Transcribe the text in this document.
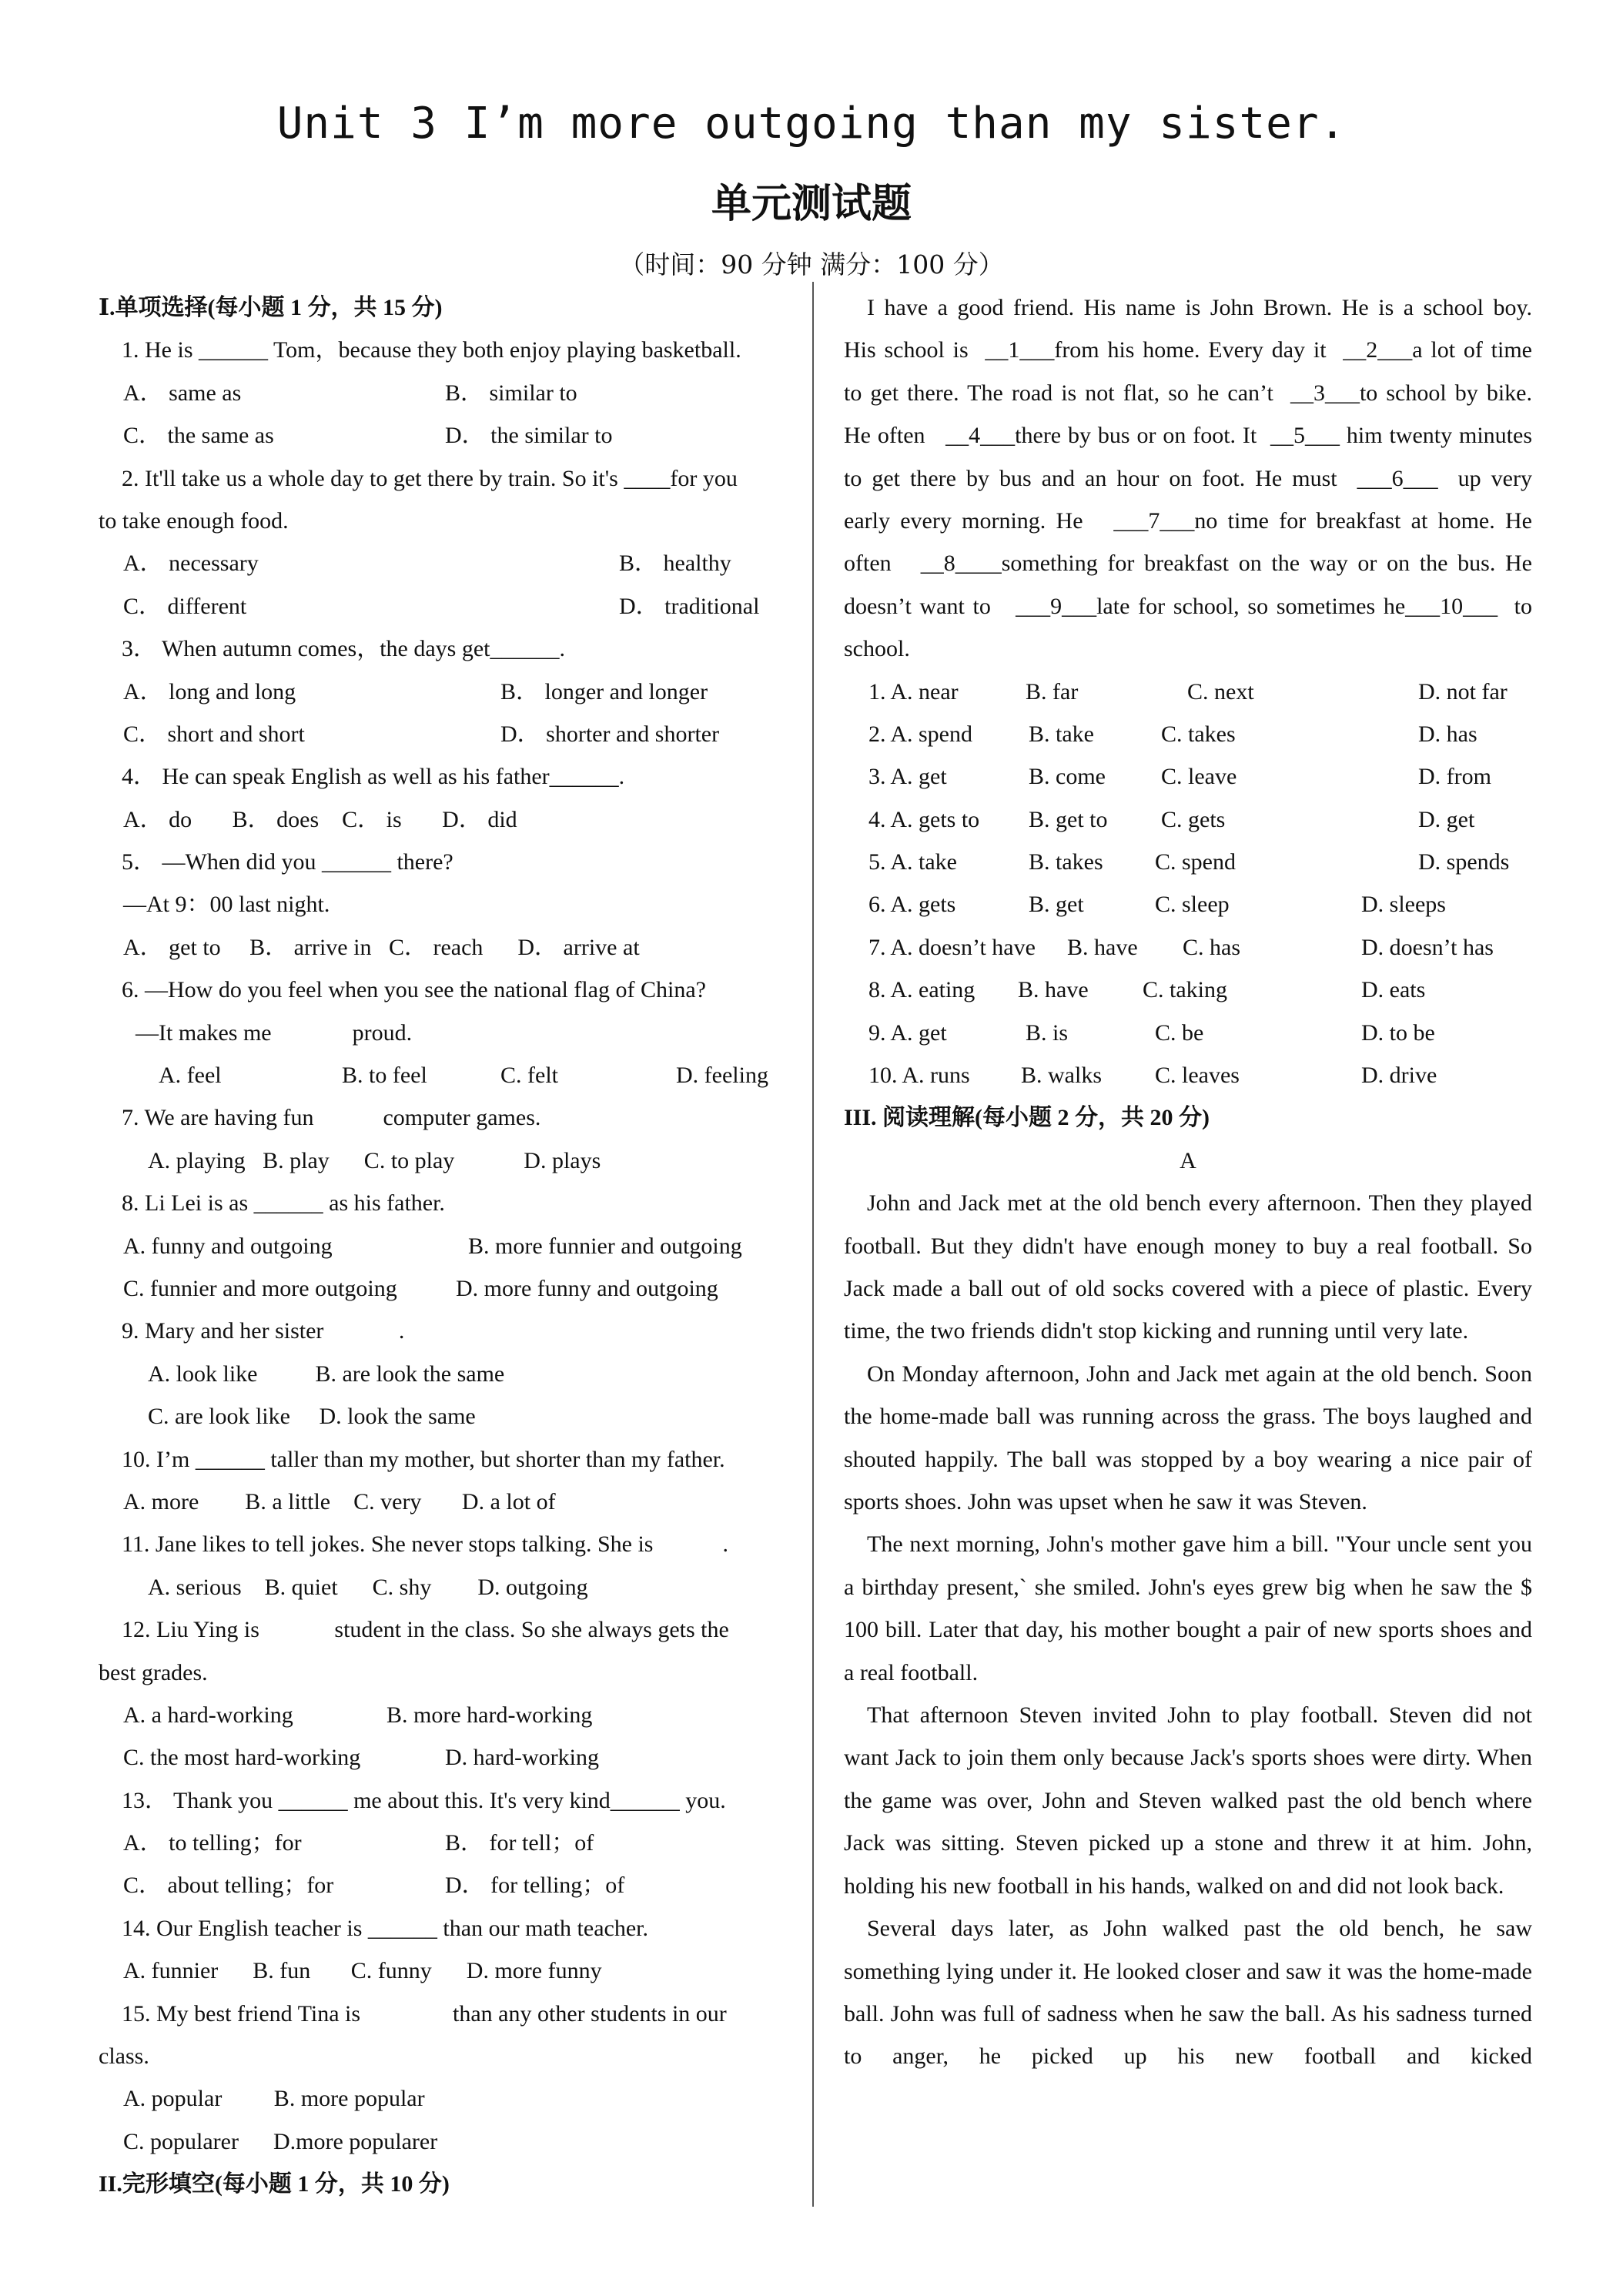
Unit 3 I’m more outgoing than my sister.
单元测试题
（时间：90 分钟 满分：100 分）
Ⅰ.单项选择(每小题 1 分，共 15 分)
1. He is ______ Tom，because they both enjoy playing basketball.
A． same as	B． similar to
C． the same as	D． the similar to
2. It'll take us a whole day to get there by train. So it's ____for you
to take enough food.
A． necessary	B． healthy
C． different	D． traditional
3． When autumn comes，the days get______.
A． long and long	B． longer and longer
C． short and short	D． shorter and shorter
4． He can speak English as well as his father______.
A． do       B． does    C． is       D． did
5． —When did you ______ there?
—At 9：00 last night.
A． get to     B． arrive in   C． reach      D． arrive at
6. —How do you feel when you see the national flag of China?
—It makes me              proud.
A. feel	B. to feel	C. felt	D. feeling
7. We are having fun            computer games.
A. playing   B. play      C. to play            D. plays
8. Li Lei is as ______ as his father.
A. funny and outgoing	B. more funnier and outgoing
C. funnier and more outgoing	D. more funny and outgoing
9. Mary and her sister             .
A. look like          B. are look the same
C. are look like     D. look the same
10. I’m ______ taller than my mother, but shorter than my father.
A. more        B. a little    C. very       D. a lot of
11. Jane likes to tell jokes. She never stops talking. She is            .
A. serious    B. quiet      C. shy        D. outgoing
12. Liu Ying is             student in the class. So she always gets the
best grades.
A. a hard-working	B. more hard-working
C. the most hard-working	D. hard-working
13． Thank you ______ me about this. It's very kind______ you.
A． to telling；for	B． for tell；of
C． about telling；for	D． for telling；of
14. Our English teacher is ______ than our math teacher.
A. funnier      B. fun       C. funny      D. more funny
15. My best friend Tina is                than any other students in our
class.
A. popular         B. more popular
C. popularer      D.more popularer
II.完形填空(每小题 1 分，共 10 分)
I have a good friend. His name is John Brown. He is a school boy.
His school is  __1___from his home. Every day it  __2___a lot of time
to get there. The road is not flat, so he can’t  __3___to school by bike.
He often   __4___there by bus or on foot. It  __5___ him twenty minutes
to get there by bus and an hour on foot. He must  ___6___  up very
early every morning. He   ___7___no time for breakfast at home. He
often   __8____something for breakfast on the way or on the bus. He
doesn’t want to   ___9___late for school, so sometimes he___10___  to
school.
1. A. near	B. far	C. next	D. not far
2. A. spend B. take	C. takes	D. has
3. A. get	B. come C. leave	D. from
4. A. gets to B. get to C. gets	D. get
5. A. take	B. takes C. spend	D. spends
6. A. gets	B. get	C. sleep	D. sleeps
7. A. doesn’t have B. have C. has	D. doesn’t has
8. A. eating B. have C. taking	D. eats
9. A. get	B. is	C. be	D. to be
10. A. runs B. walks C. leaves	D. drive
III. 阅读理解(每小题 2 分，共 20 分)
A
John and Jack met at the old bench every afternoon. Then they played football. But they didn't have enough money to buy a real football. So Jack made a ball out of old socks covered with a piece of plastic. Every time, the two friends didn't stop kicking and running until very late.
On Monday afternoon, John and Jack met again at the old bench. Soon the home-made ball was running across the grass. The boys laughed and shouted happily. The ball was stopped by a boy wearing a nice pair of sports shoes. John was upset when he saw it was Steven.
The next morning, John's mother gave him a bill. "Your uncle sent you a birthday present,` she smiled. John's eyes grew big when he saw the $ 100 bill. Later that day, his mother bought a pair of new sports shoes and a real football.
That afternoon Steven invited John to play football. Steven did not want Jack to join them only because Jack's sports shoes were dirty. When the game was over, John and Steven walked past the old bench where Jack was sitting. Steven picked up a stone and threw it at him. John, holding his new football in his hands, walked on and did not look back.
Several days later, as John walked past the old bench, he saw something lying under it. He looked closer and saw it was the home-made ball. John was full of sadness when he saw the ball. As his sadness turned to anger, he picked up his new football and kicked
